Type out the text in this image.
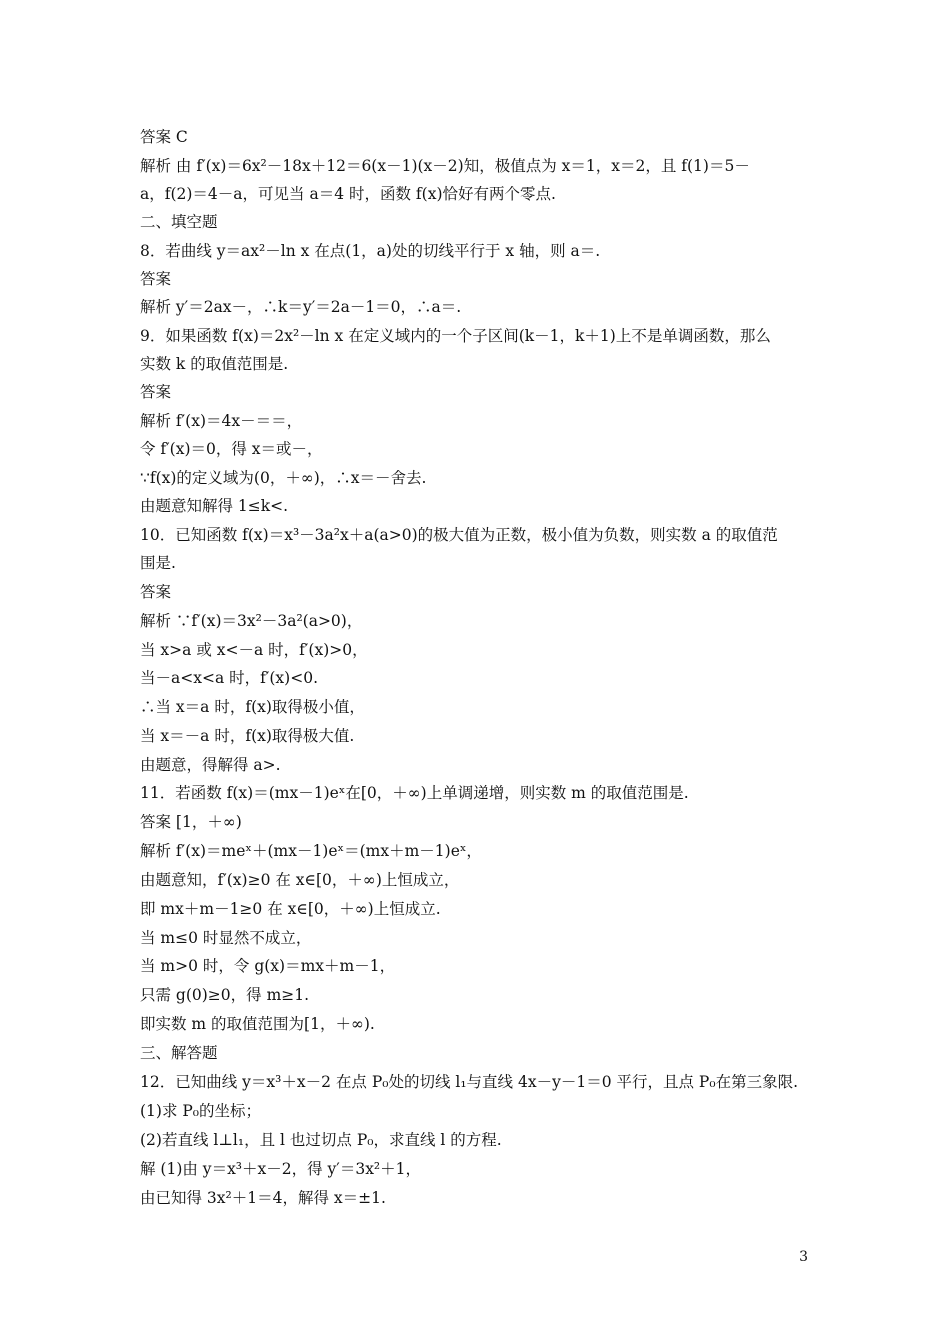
答案 C
解析 由 f′(x)＝6x²－18x＋12＝6(x－1)(x－2)知，极值点为 x＝1，x＝2，且 f(1)＝5－
a，f(2)＝4－a，可见当 a＝4 时，函数 f(x)恰好有两个零点.
二、填空题
8．若曲线 y＝ax²－ln x 在点(1，a)处的切线平行于 x 轴，则 a＝.
答案
解析 y′＝2ax－，∴k＝y′＝2a－1＝0，∴a＝.
9．如果函数 f(x)＝2x²－ln x 在定义域内的一个子区间(k－1，k＋1)上不是单调函数，那么
实数 k 的取值范围是.
答案
解析 f′(x)＝4x－＝＝，
令 f′(x)＝0，得 x＝或－，
∵f(x)的定义域为(0，＋∞)，∴x＝－舍去.
由题意知解得 1≤k<.
10．已知函数 f(x)＝x³－3a²x＋a(a>0)的极大值为正数，极小值为负数，则实数 a 的取值范
围是.
答案
解析 ∵f′(x)＝3x²－3a²(a>0)，
当 x>a 或 x<－a 时，f′(x)>0，
当－a<x<a 时，f′(x)<0.
∴当 x＝a 时，f(x)取得极小值，
当 x＝－a 时，f(x)取得极大值.
由题意，得解得 a>.
11．若函数 f(x)＝(mx－1)eˣ在[0，＋∞)上单调递增，则实数 m 的取值范围是.
答案 [1，＋∞)
解析 f′(x)＝meˣ＋(mx－1)eˣ＝(mx＋m－1)eˣ，
由题意知，f′(x)≥0 在 x∈[0，＋∞)上恒成立，
即 mx＋m－1≥0 在 x∈[0，＋∞)上恒成立.
当 m≤0 时显然不成立，
当 m>0 时，令 g(x)＝mx＋m－1，
只需 g(0)≥0，得 m≥1.
即实数 m 的取值范围为[1，＋∞).
三、解答题
12．已知曲线 y＝x³＋x－2 在点 P₀处的切线 l₁与直线 4x－y－1＝0 平行，且点 P₀在第三象限.
(1)求 P₀的坐标；
(2)若直线 l⊥l₁，且 l 也过切点 P₀，求直线 l 的方程.
解 (1)由 y＝x³＋x－2，得 y′＝3x²＋1，
由已知得 3x²＋1＝4，解得 x＝±1.
3
